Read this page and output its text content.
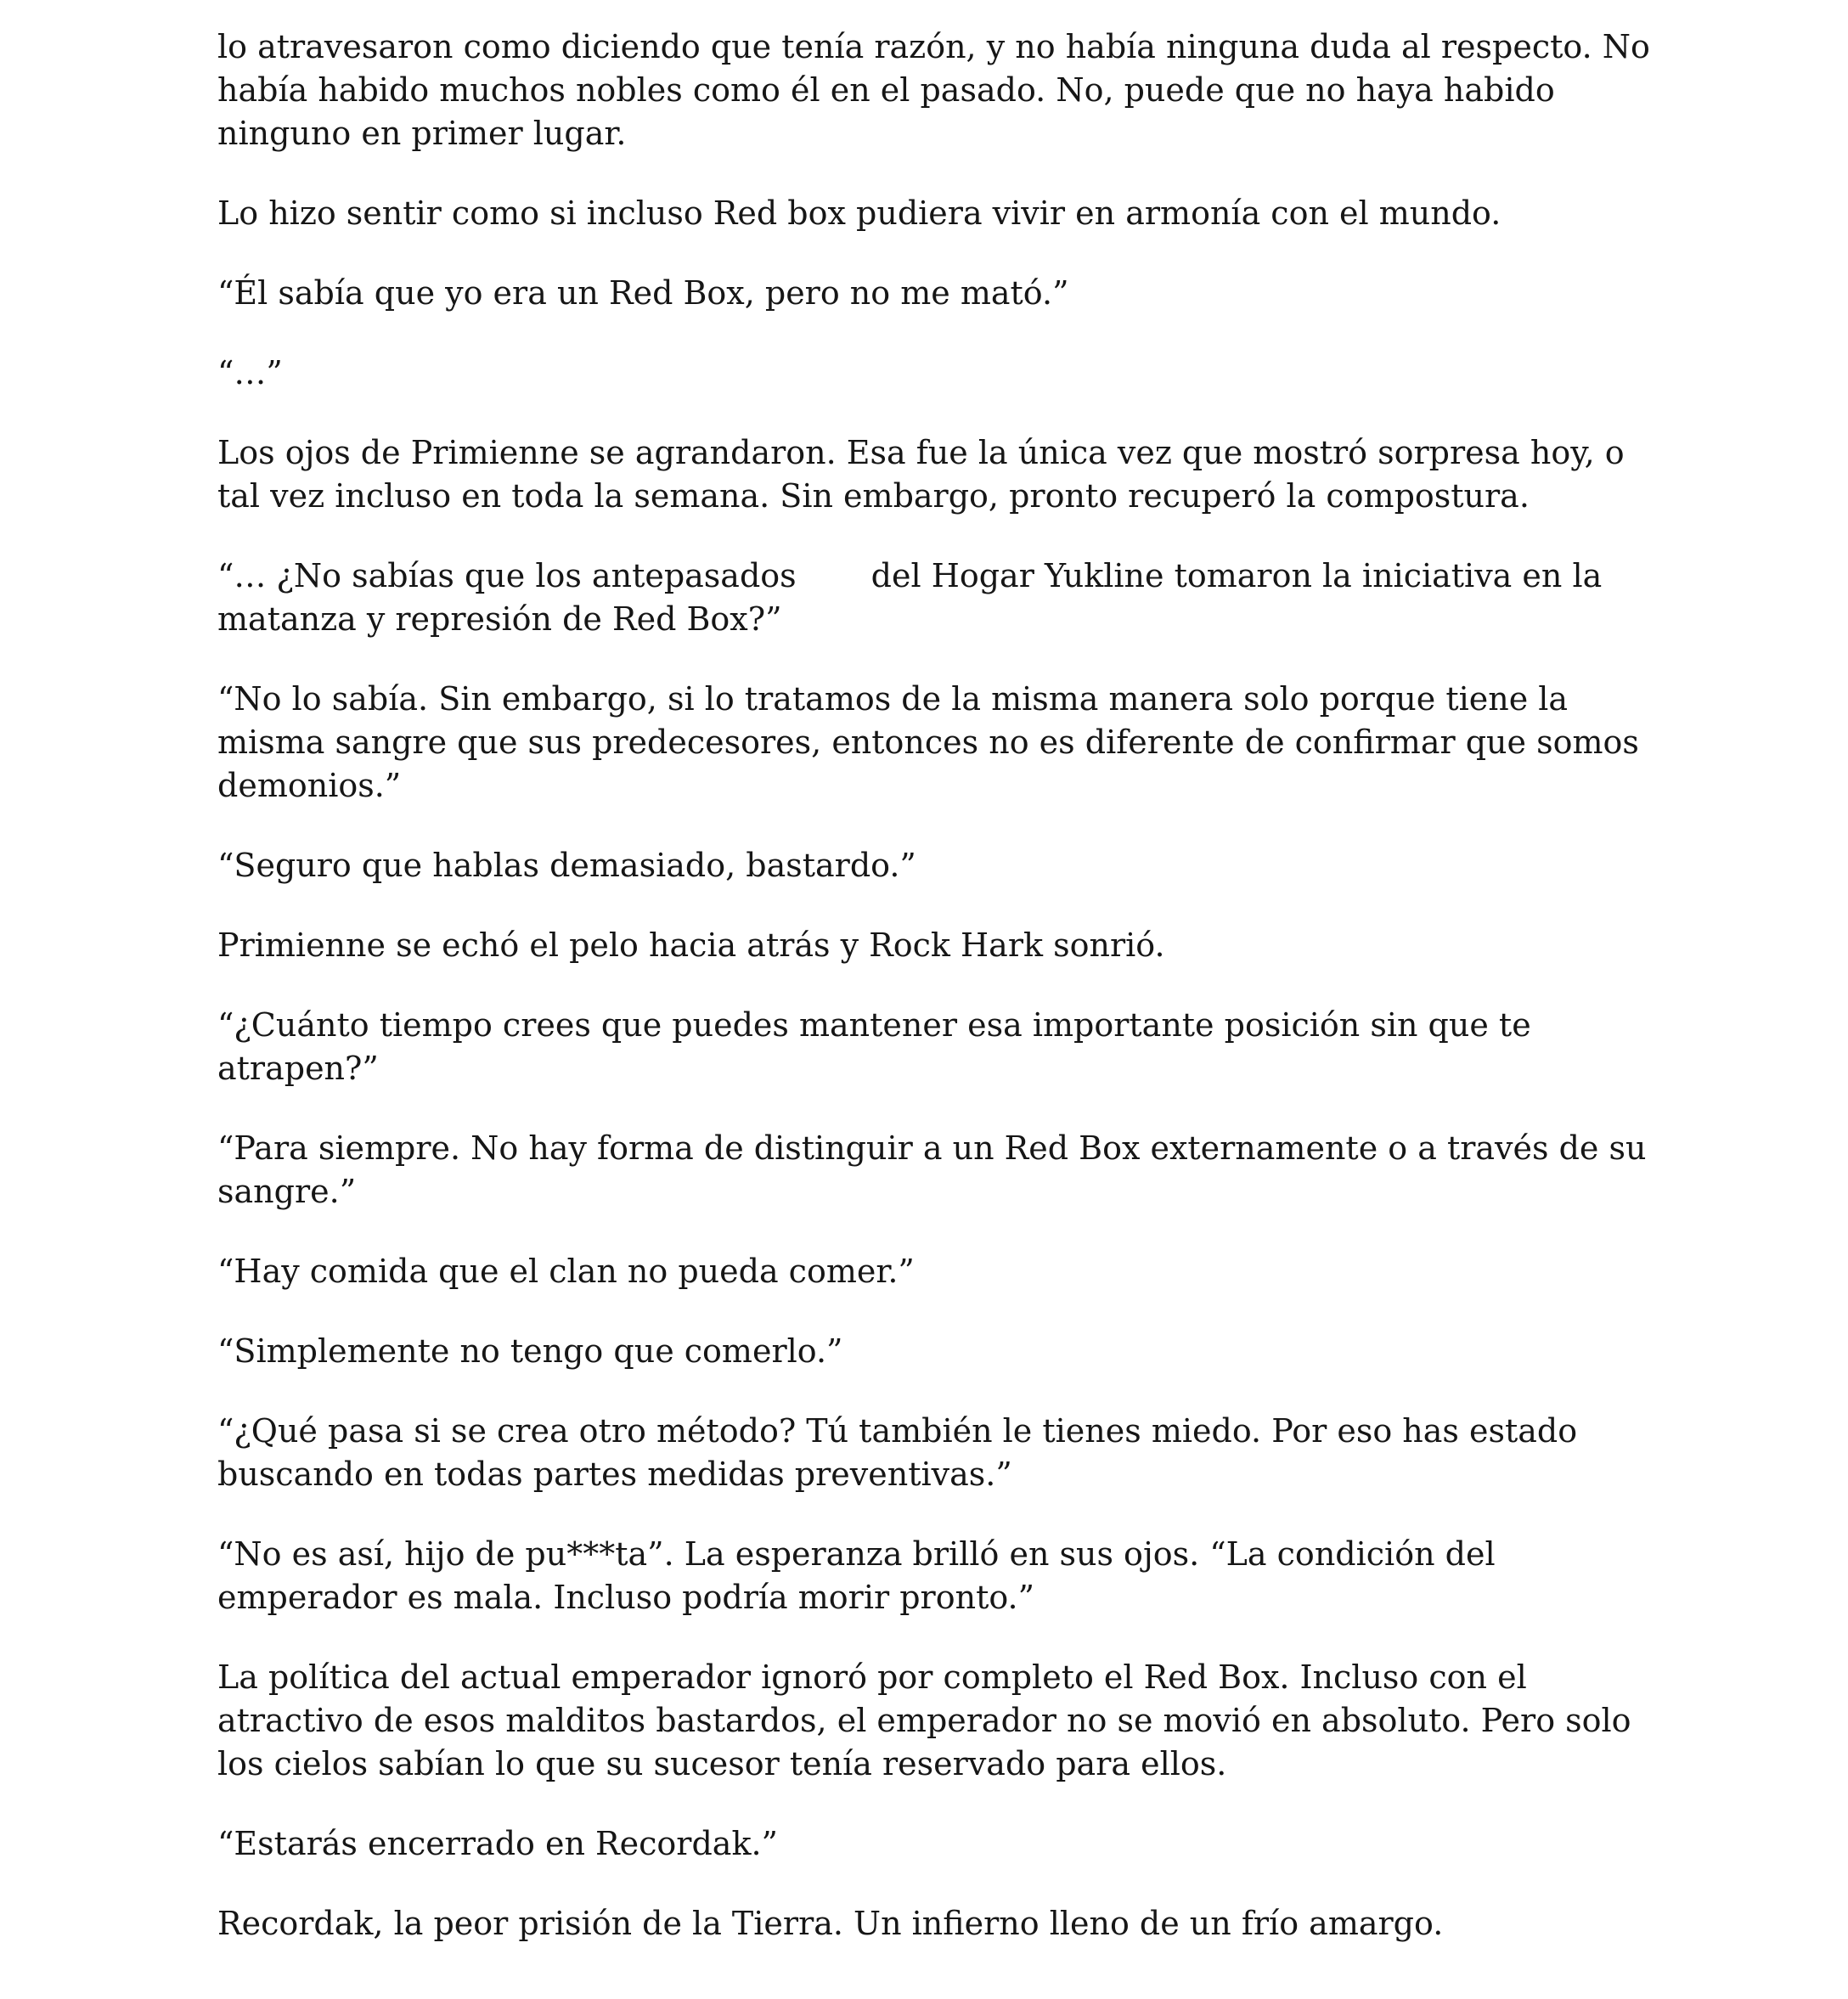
lo atravesaron como diciendo que tenía razón, y no había ninguna duda al respecto. No había habido muchos nobles como él en el pasado. No, puede que no haya habido ninguno en primer lugar.

Lo hizo sentir como si incluso Red box pudiera vivir en armonía con el mundo.

“Él sabía que yo era un Red Box, pero no me mató.”

“…”

Los ojos de Primienne se agrandaron. Esa fue la única vez que mostró sorpresa hoy, o tal vez incluso en toda la semana. Sin embargo, pronto recuperó la compostura.

“… ¿No sabías que los antepasados del Hogar Yukline tomaron la iniciativa en la matanza y represión de Red Box?”

“No lo sabía. Sin embargo, si lo tratamos de la misma manera solo porque tiene la misma sangre que sus predecesores, entonces no es diferente de confirmar que somos demonios.”

“Seguro que hablas demasiado, bastardo.”

Primienne se echó el pelo hacia atrás y Rock Hark sonrió.

“¿Cuánto tiempo crees que puedes mantener esa importante posición sin que te atrapen?”

“Para siempre. No hay forma de distinguir a un Red Box externamente o a través de su sangre.”

“Hay comida que el clan no pueda comer.”

“Simplemente no tengo que comerlo.”

“¿Qué pasa si se crea otro método? Tú también le tienes miedo. Por eso has estado buscando en todas partes medidas preventivas.”

“No es así, hijo de pu***ta”. La esperanza brilló en sus ojos. “La condición del emperador es mala. Incluso podría morir pronto.”

La política del actual emperador ignoró por completo el Red Box. Incluso con el atractivo de esos malditos bastardos, el emperador no se movió en absoluto. Pero solo los cielos sabían lo que su sucesor tenía reservado para ellos.

“Estarás encerrado en Recordak.”

Recordak, la peor prisión de la Tierra. Un infierno lleno de un frío amargo.
